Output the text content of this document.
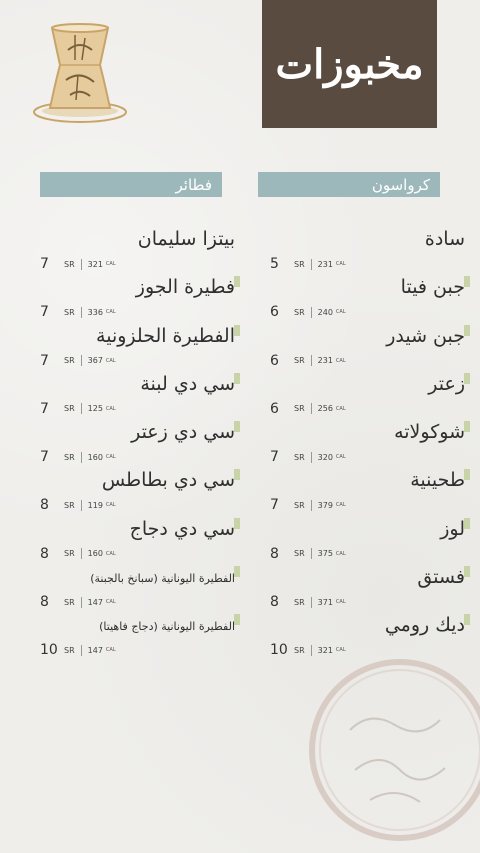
مخبوزات
كرواسون
فطائر
سادة
5	SR 231 CAL
جبن فيتا
6	SR 240 CAL
جبن شيدر
6	SR 231 CAL
زعتر
6	SR 256 CAL
شوكولاته
7	SR 320 CAL
طحينية
7	SR 379 CAL
لوز
8	SR 375 CAL
فستق
8	SR 371 CAL
ديك رومي
10 SR 321 CAL
بيتزا سليمان
7	SR 321 CAL
فطيرة الجوز
7	SR 336 CAL
الفطيرة الحلزونية
7	SR 367 CAL
سي دي لبنة
7	SR 125 CAL
سي دي زعتر
7	SR 160 CAL
سي دي بطاطس
8	SR 119 CAL
سي دي دجاج
8	SR 160 CAL
الفطيرة اليونانية (سبانخ بالجبنة)
8	SR 147 CAL
الفطيرة اليونانية (دجاج فاهيتا)
10 SR 147 CAL
